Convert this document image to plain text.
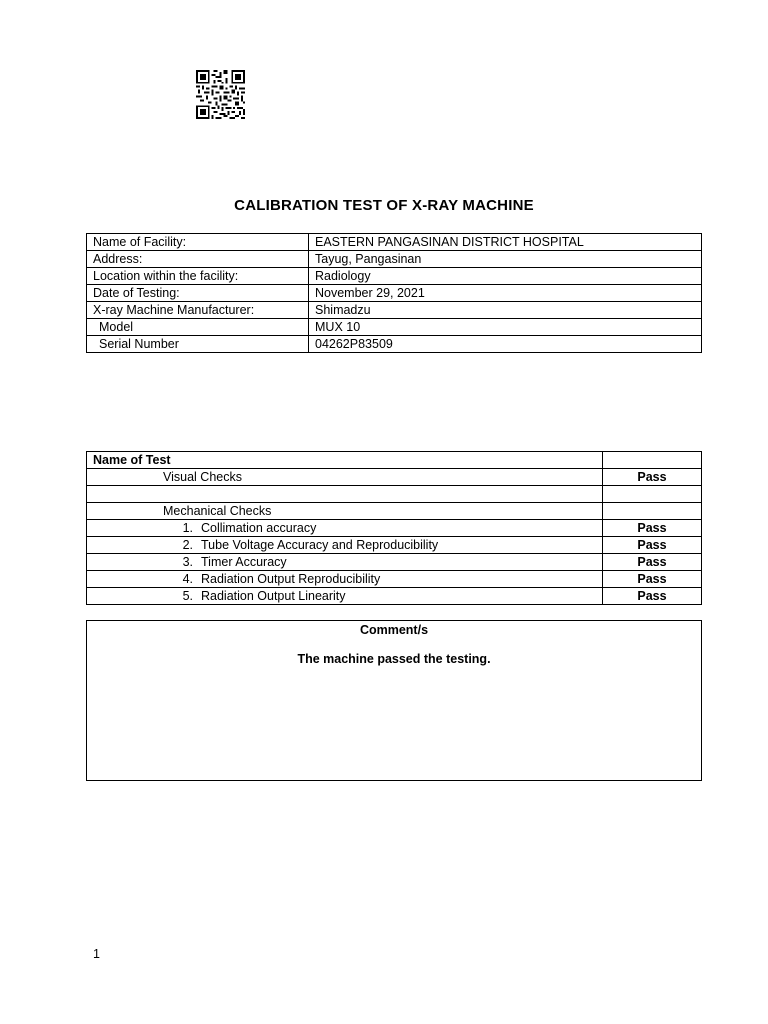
CALIBRATION TEST OF X-RAY MACHINE
Name of Facility:	EASTERN PANGASINAN DISTRICT HOSPITAL
Address:	Tayug, Pangasinan
Location within the facility:	Radiology
Date of Testing:	November 29, 2021
X-ray Machine Manufacturer:	Shimadzu
Model	MUX 10
Serial Number	04262P83509
Name of Test	
Visual Checks	Pass

Mechanical Checks	
1. Collimation accuracy	Pass
2. Tube Voltage Accuracy and Reproducibility	Pass
3. Timer Accuracy	Pass
4. Radiation Output Reproducibility	Pass
5. Radiation Output Linearity	Pass
Comment/s
The machine passed the testing.
1
